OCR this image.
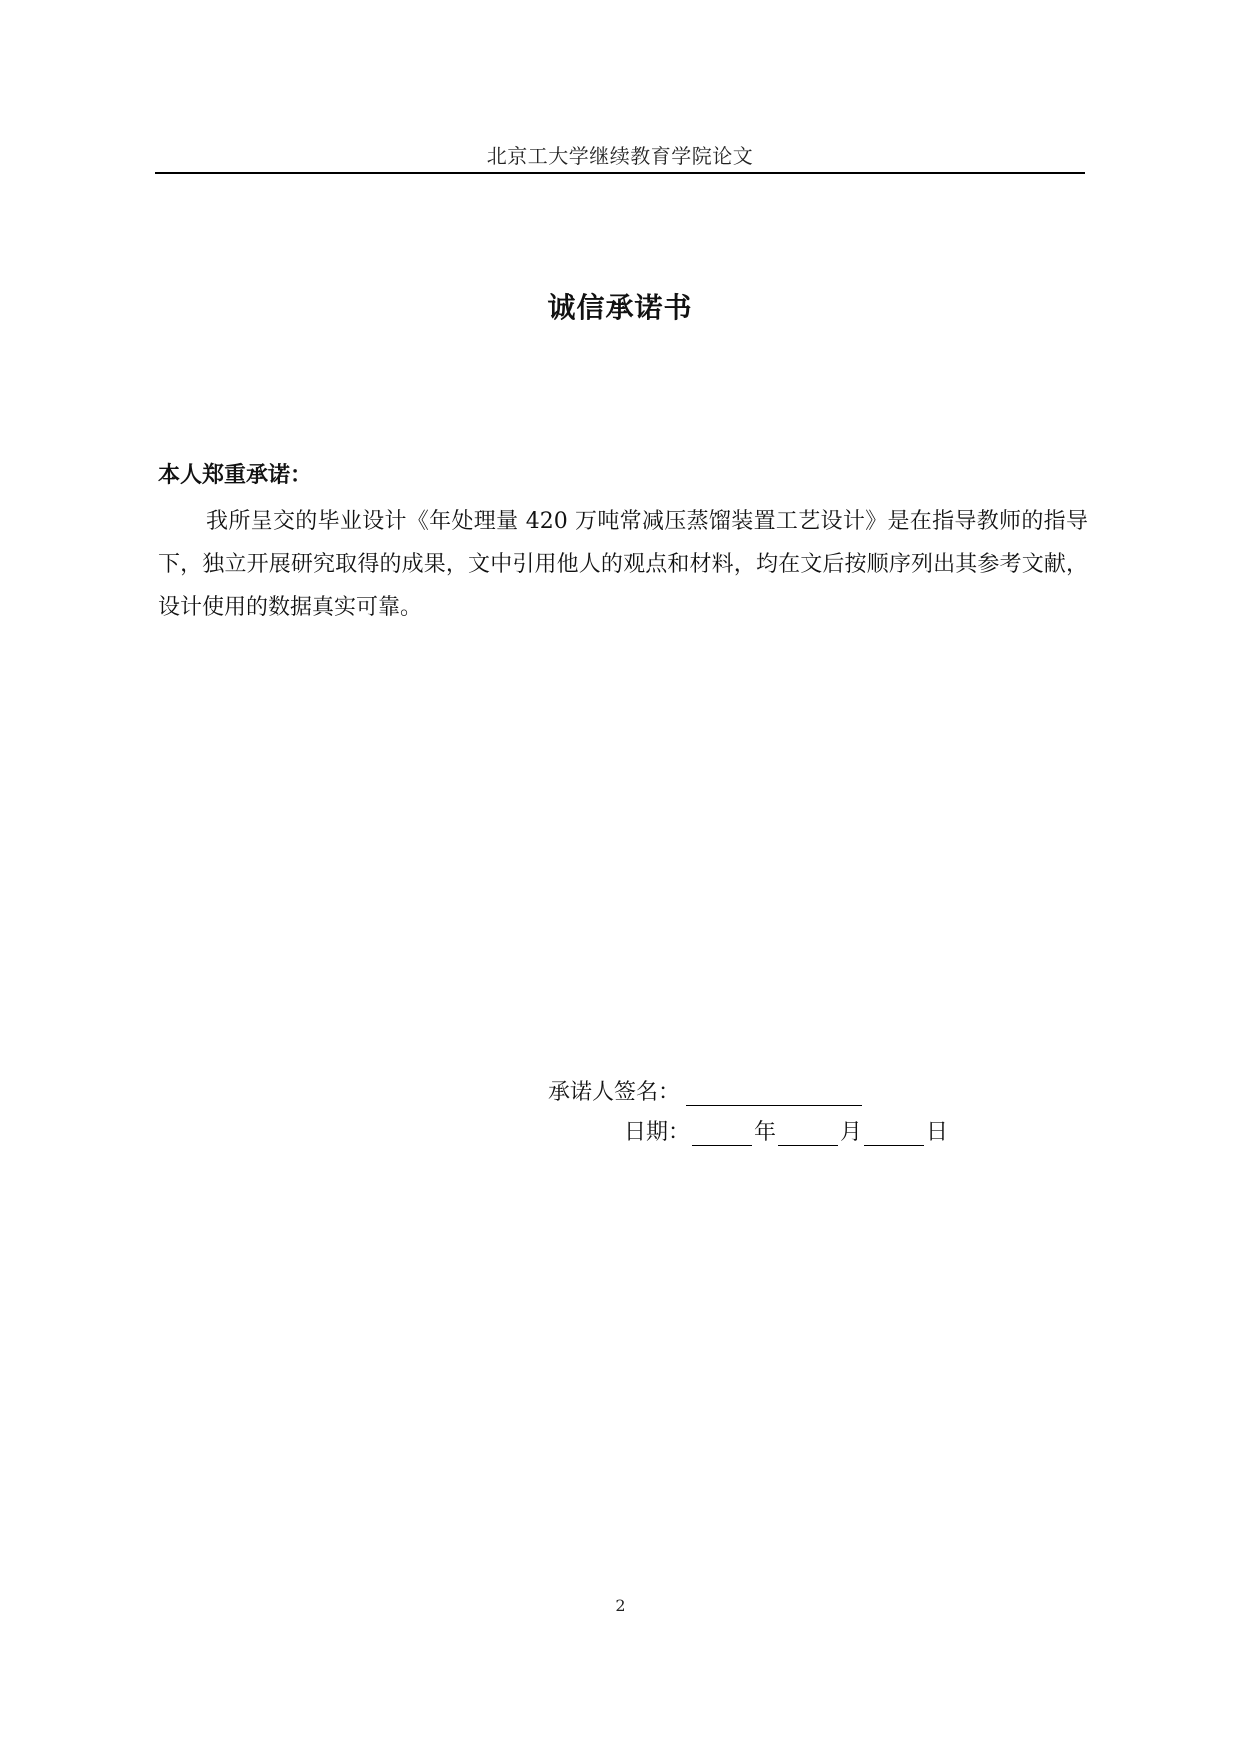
北京工大学继续教育学院论文
诚信承诺书
本人郑重承诺：

我所呈交的毕业设计《年处理量 420 万吨常减压蒸馏装置工艺设计》是在指导教师的指导下，独立开展研究取得的成果，文中引用他人的观点和材料，均在文后按顺序列出其参考文献，设计使用的数据真实可靠。

承诺人签名：
日期：	年	月	日
2
